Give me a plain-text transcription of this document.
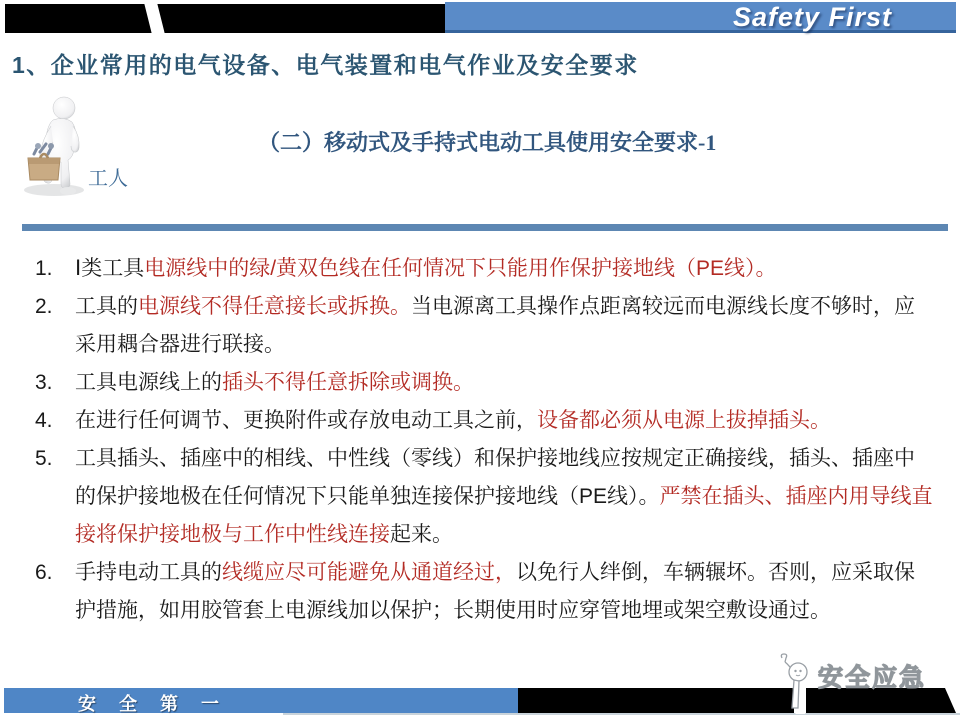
Safety First
1、企业常用的电气设备、电气装置和电气作业及安全要求
工人
（二）移动式及手持式电动工具使用安全要求-1
1. Ⅰ类工具电源线中的绿/黄双色线在任何情况下只能用作保护接地线（PE线）。
2. 工具的电源线不得任意接长或拆换。当电源离工具操作点距离较远而电源线长度不够时，应采用耦合器进行联接。
3. 工具电源线上的插头不得任意拆除或调换。
4. 在进行任何调节、更换附件或存放电动工具之前，设备都必须从电源上拔掉插头。
5. 工具插头、插座中的相线、中性线（零线）和保护接地线应按规定正确接线，插头、插座中的保护接地极在任何情况下只能单独连接保护接地线（PE线）。严禁在插头、插座内用导线直接将保护接地极与工作中性线连接起来。
6. 手持电动工具的线缆应尽可能避免从通道经过，以免行人绊倒，车辆辗坏。否则，应采取保护措施，如用胶管套上电源线加以保护；长期使用时应穿管地埋或架空敷设通过。
安 全 第 一
安全应急
